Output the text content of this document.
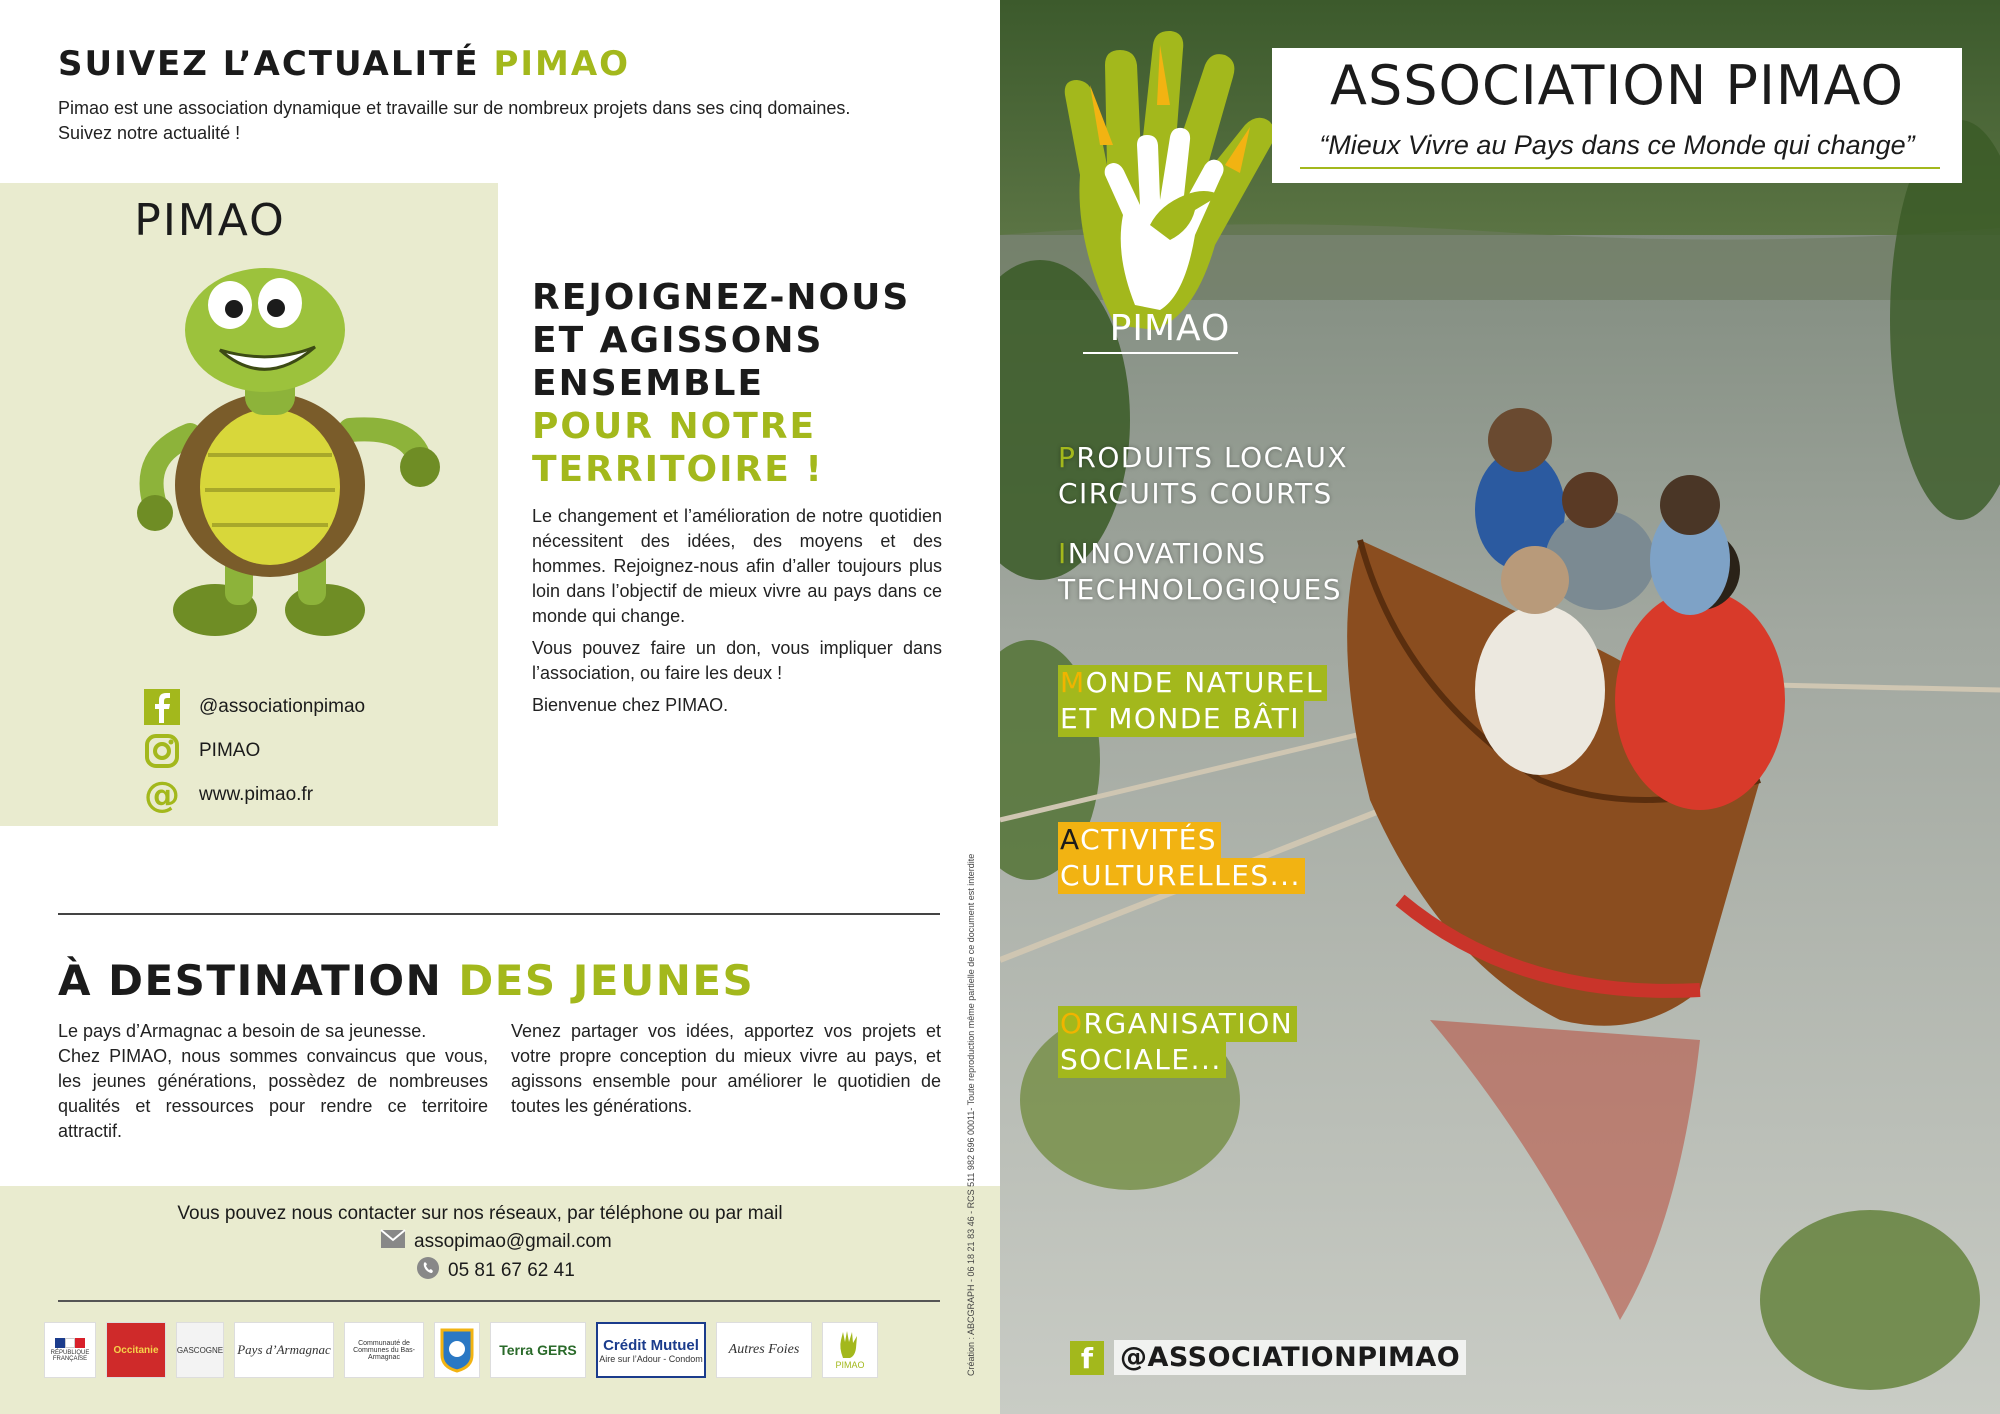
SUIVEZ L’ACTUALITÉ PIMAO
Pimao est une association dynamique et travaille sur de nombreux projets dans ses cinq domaines.
Suivez notre actualité !
PIMAO
@associationpimao
PIMAO
@ www.pimao.fr
REJOIGNEZ-NOUS
ET AGISSONS
ENSEMBLE
POUR NOTRE
TERRITOIRE !

Le changement et l’amélioration de notre quotidien nécessitent des idées, des moyens et des hommes. Rejoignez-nous afin d’aller toujours plus loin dans l’objectif de mieux vivre au pays dans ce monde qui change.

Vous pouvez faire un don, vous impliquer dans l’association, ou faire les deux !

Bienvenue chez PIMAO.

À DESTINATION DES JEUNES

Le pays d’Armagnac a besoin de sa jeunesse.

Chez PIMAO, nous sommes convaincus que vous, les jeunes générations, possèdez de nombreuses qualités et ressources pour rendre ce territoire attractif.

Venez partager vos idées, apportez vos projets et votre propre conception du mieux vivre au pays, et agissons ensemble pour améliorer le quotidien de toutes les générations.

Vous pouvez nous contacter sur nos réseaux, par téléphone ou par mail
assopimao@gmail.com
05 81 67 62 41
RÉPUBLIQUE FRANÇAISE
Occitanie	GASCOGNE Pays d’Armagnac	Communauté de Communes du Bas-Armagnac	Terra GERS	Crédit Mutuel
Aire sur l’Adour - Condom
Autres Foies
PIMAO	Création : ABCGRAPH - 06 18 21 83 46 - RCS 511 982 696 00011- Toute reproduction même partielle de ce document est interdite
PIMAO
ASSOCIATION PIMAO
“Mieux Vivre au Pays dans ce Monde qui change”
PRODUITS LOCAUX
CIRCUITS COURTS
INNOVATIONS
TECHNOLOGIQUES
MONDE NATUREL
ET MONDE BÂTI
ACTIVITÉS
CULTURELLES...
ORGANISATION
SOCIALE...
f @ASSOCIATIONPIMAO
